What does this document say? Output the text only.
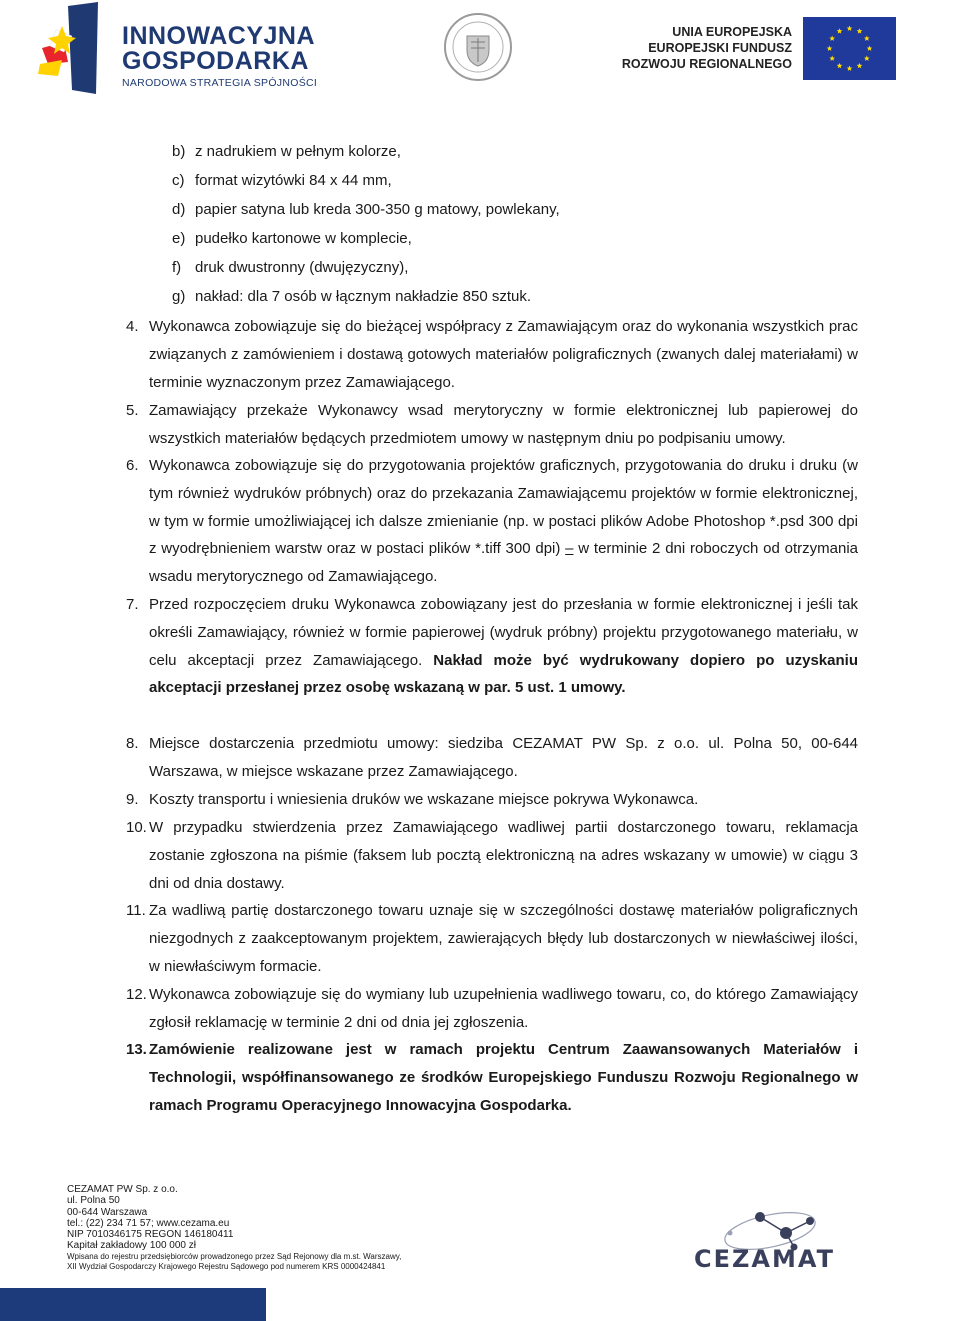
INNOWACYJNA
GOSPODARKA
NARODOWA STRATEGIA SPÓJNOŚCI
UNIA EUROPEJSKA
EUROPEJSKI FUNDUSZ
ROZWOJU REGIONALNEGO
b) z nadrukiem w pełnym kolorze,
c) format wizytówki 84 x 44 mm,
d) papier satyna lub kreda 300-350 g matowy, powlekany,
e) pudełko kartonowe w komplecie,
f) druk dwustronny (dwujęzyczny),
g) nakład: dla 7 osób w łącznym nakładzie 850 sztuk.
4. Wykonawca zobowiązuje się do bieżącej współpracy z Zamawiającym oraz do wykonania wszystkich prac związanych z zamówieniem i dostawą gotowych materiałów poligraficznych (zwanych dalej materiałami) w terminie wyznaczonym przez Zamawiającego.
5. Zamawiający przekaże Wykonawcy wsad merytoryczny w formie elektronicznej lub papierowej do wszystkich materiałów będących przedmiotem umowy w następnym dniu po podpisaniu umowy.
6. Wykonawca zobowiązuje się do przygotowania projektów graficznych, przygotowania do druku i druku (w tym również wydruków próbnych) oraz do przekazania Zamawiającemu projektów w formie elektronicznej, w tym w formie umożliwiającej ich dalsze zmienianie (np. w postaci plików Adobe Photoshop *.psd 300 dpi z wyodrębnieniem warstw oraz w postaci plików *.tiff 300 dpi) – w terminie 2 dni roboczych od otrzymania wsadu merytorycznego od Zamawiającego.
7. Przed rozpoczęciem druku Wykonawca zobowiązany jest do przesłania w formie elektronicznej i jeśli tak określi Zamawiający, również w formie papierowej (wydruk próbny) projektu przygotowanego materiału, w celu akceptacji przez Zamawiającego. Nakład może być wydrukowany dopiero po uzyskaniu akceptacji przesłanej przez osobę wskazaną w par. 5 ust. 1 umowy.
8. Miejsce dostarczenia przedmiotu umowy: siedziba CEZAMAT PW Sp. z o.o. ul. Polna 50, 00-644 Warszawa, w miejsce wskazane przez Zamawiającego.
9. Koszty transportu i wniesienia druków we wskazane miejsce pokrywa Wykonawca.
10. W przypadku stwierdzenia przez Zamawiającego wadliwej partii dostarczonego towaru, reklamacja zostanie zgłoszona na piśmie (faksem lub pocztą elektroniczną na adres wskazany w umowie) w ciągu 3 dni od dnia dostawy.
11. Za wadliwą partię dostarczonego towaru uznaje się w szczególności dostawę materiałów poligraficznych niezgodnych z zaakceptowanym projektem, zawierających błędy lub dostarczonych w niewłaściwej ilości, w niewłaściwym formacie.
12. Wykonawca zobowiązuje się do wymiany lub uzupełnienia wadliwego towaru, co, do którego Zamawiający zgłosił reklamację w terminie 2 dni od dnia jej zgłoszenia.
13. Zamówienie realizowane jest w ramach projektu Centrum Zaawansowanych Materiałów i Technologii, współfinansowanego ze środków Europejskiego Funduszu Rozwoju Regionalnego w ramach Programu Operacyjnego Innowacyjna Gospodarka.
CEZAMAT PW Sp. z o.o.
ul. Polna 50
00-644 Warszawa
tel.: (22) 234 71 57; www.cezama.eu
NIP 7010346175 REGON 146180411
Kapitał zakładowy 100 000 zł
Wpisana do rejestru przedsiębiorców prowadzonego przez Sąd Rejonowy dla m.st. Warszawy,
XII Wydział Gospodarczy Krajowego Rejestru Sądowego pod numerem KRS 0000424841	CEZAMAT
